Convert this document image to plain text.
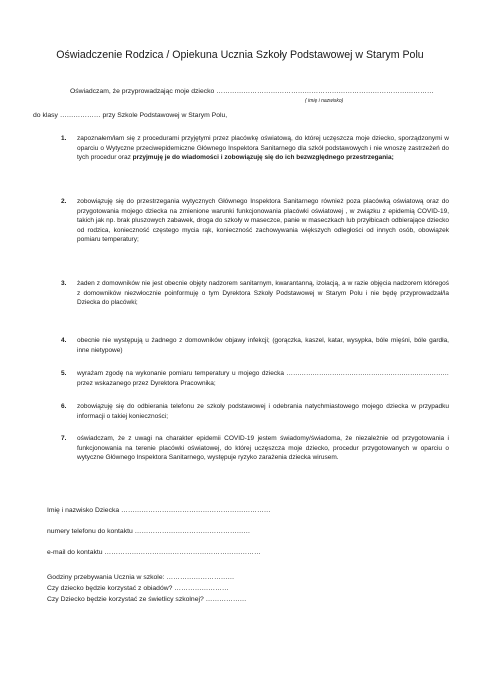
Oświadczenie Rodzica / Opiekuna Ucznia Szkoły Podstawowej w Starym Polu
Oświadczam, że przyprowadzając moje dziecko ……………………………………………………………………………………
( imię i nazwisko)
do klasy ……………… przy Szkole Podstawowej w Starym Polu,
1.	zapoznałem/łam się z procedurami przyjętymi przez placówkę oświatową, do której uczęszcza moje dziecko, sporządzonymi w oparciu o Wytyczne przeciwepidemiczne Głównego Inspektora Sanitarnego dla szkół podstawowych i nie wnoszę zastrzeżeń do tych procedur oraz przyjmuję je do wiadomości i zobowiązuję się do ich bezwzględnego przestrzegania;
2.	zobowiązuję się do przestrzegania wytycznych Głównego Inspektora Sanitarnego również poza placówką oświatową oraz do przygotowania mojego dziecka na zmienione warunki funkcjonowania placówki oświatowej , w związku z epidemią COVID-19, takich jak np. brak pluszowych zabawek, droga do szkoły w maseczce, panie w maseczkach lub przyłbicach odbierające dziecko od rodzica, konieczność częstego mycia rąk, konieczność zachowywania większych odległości od innych osób, obowiązek pomiaru temperatury;
3.	żaden z domowników nie jest obecnie objęty nadzorem sanitarnym, kwarantanną, izolacją, a w razie objęcia nadzorem któregoś z domowników niezwłocznie poinformuję o tym Dyrektora Szkoły Podstawowej w Starym Polu i nie będę przyprowadzał/la Dziecka do placówki;
4.	obecnie nie występują u żadnego z domowników objawy infekcji; (gorączka, kaszel, katar, wysypka, bóle mięśni, bóle gardła, inne nietypowe)
5.	wyrażam zgodę na wykonanie pomiaru temperatury u mojego dziecka ………………………………………………………………… przez wskazanego przez Dyrektora Pracownika;
6.	zobowiązuję się do odbierania telefonu ze szkoły podstawowej i odebrania natychmiastowego mojego dziecka w przypadku informacji o takiej konieczności;
7.	oświadczam, że z uwagi na charakter epidemii COVID-19 jestem świadomy/świadoma, że niezależnie od przygotowania i funkcjonowania na terenie placówki oświatowej, do której uczęszcza moje dziecko, procedur przygotowanych w oparciu o wytyczne Głównego Inspektora Sanitarnego, występuje ryzyko zarażenia dziecka wirusem.
Imię i nazwisko Dziecka …………………………………………………………
numery telefonu do kontaktu ……………………………………………
e-mail do kontaktu ……………………………………………………………
Godziny przebywania Ucznia w szkole: …………………………
Czy dziecko będzie korzystać z obiadów? ……………………
Czy Dziecko będzie korzystać ze świetlicy szkolnej? ………………
